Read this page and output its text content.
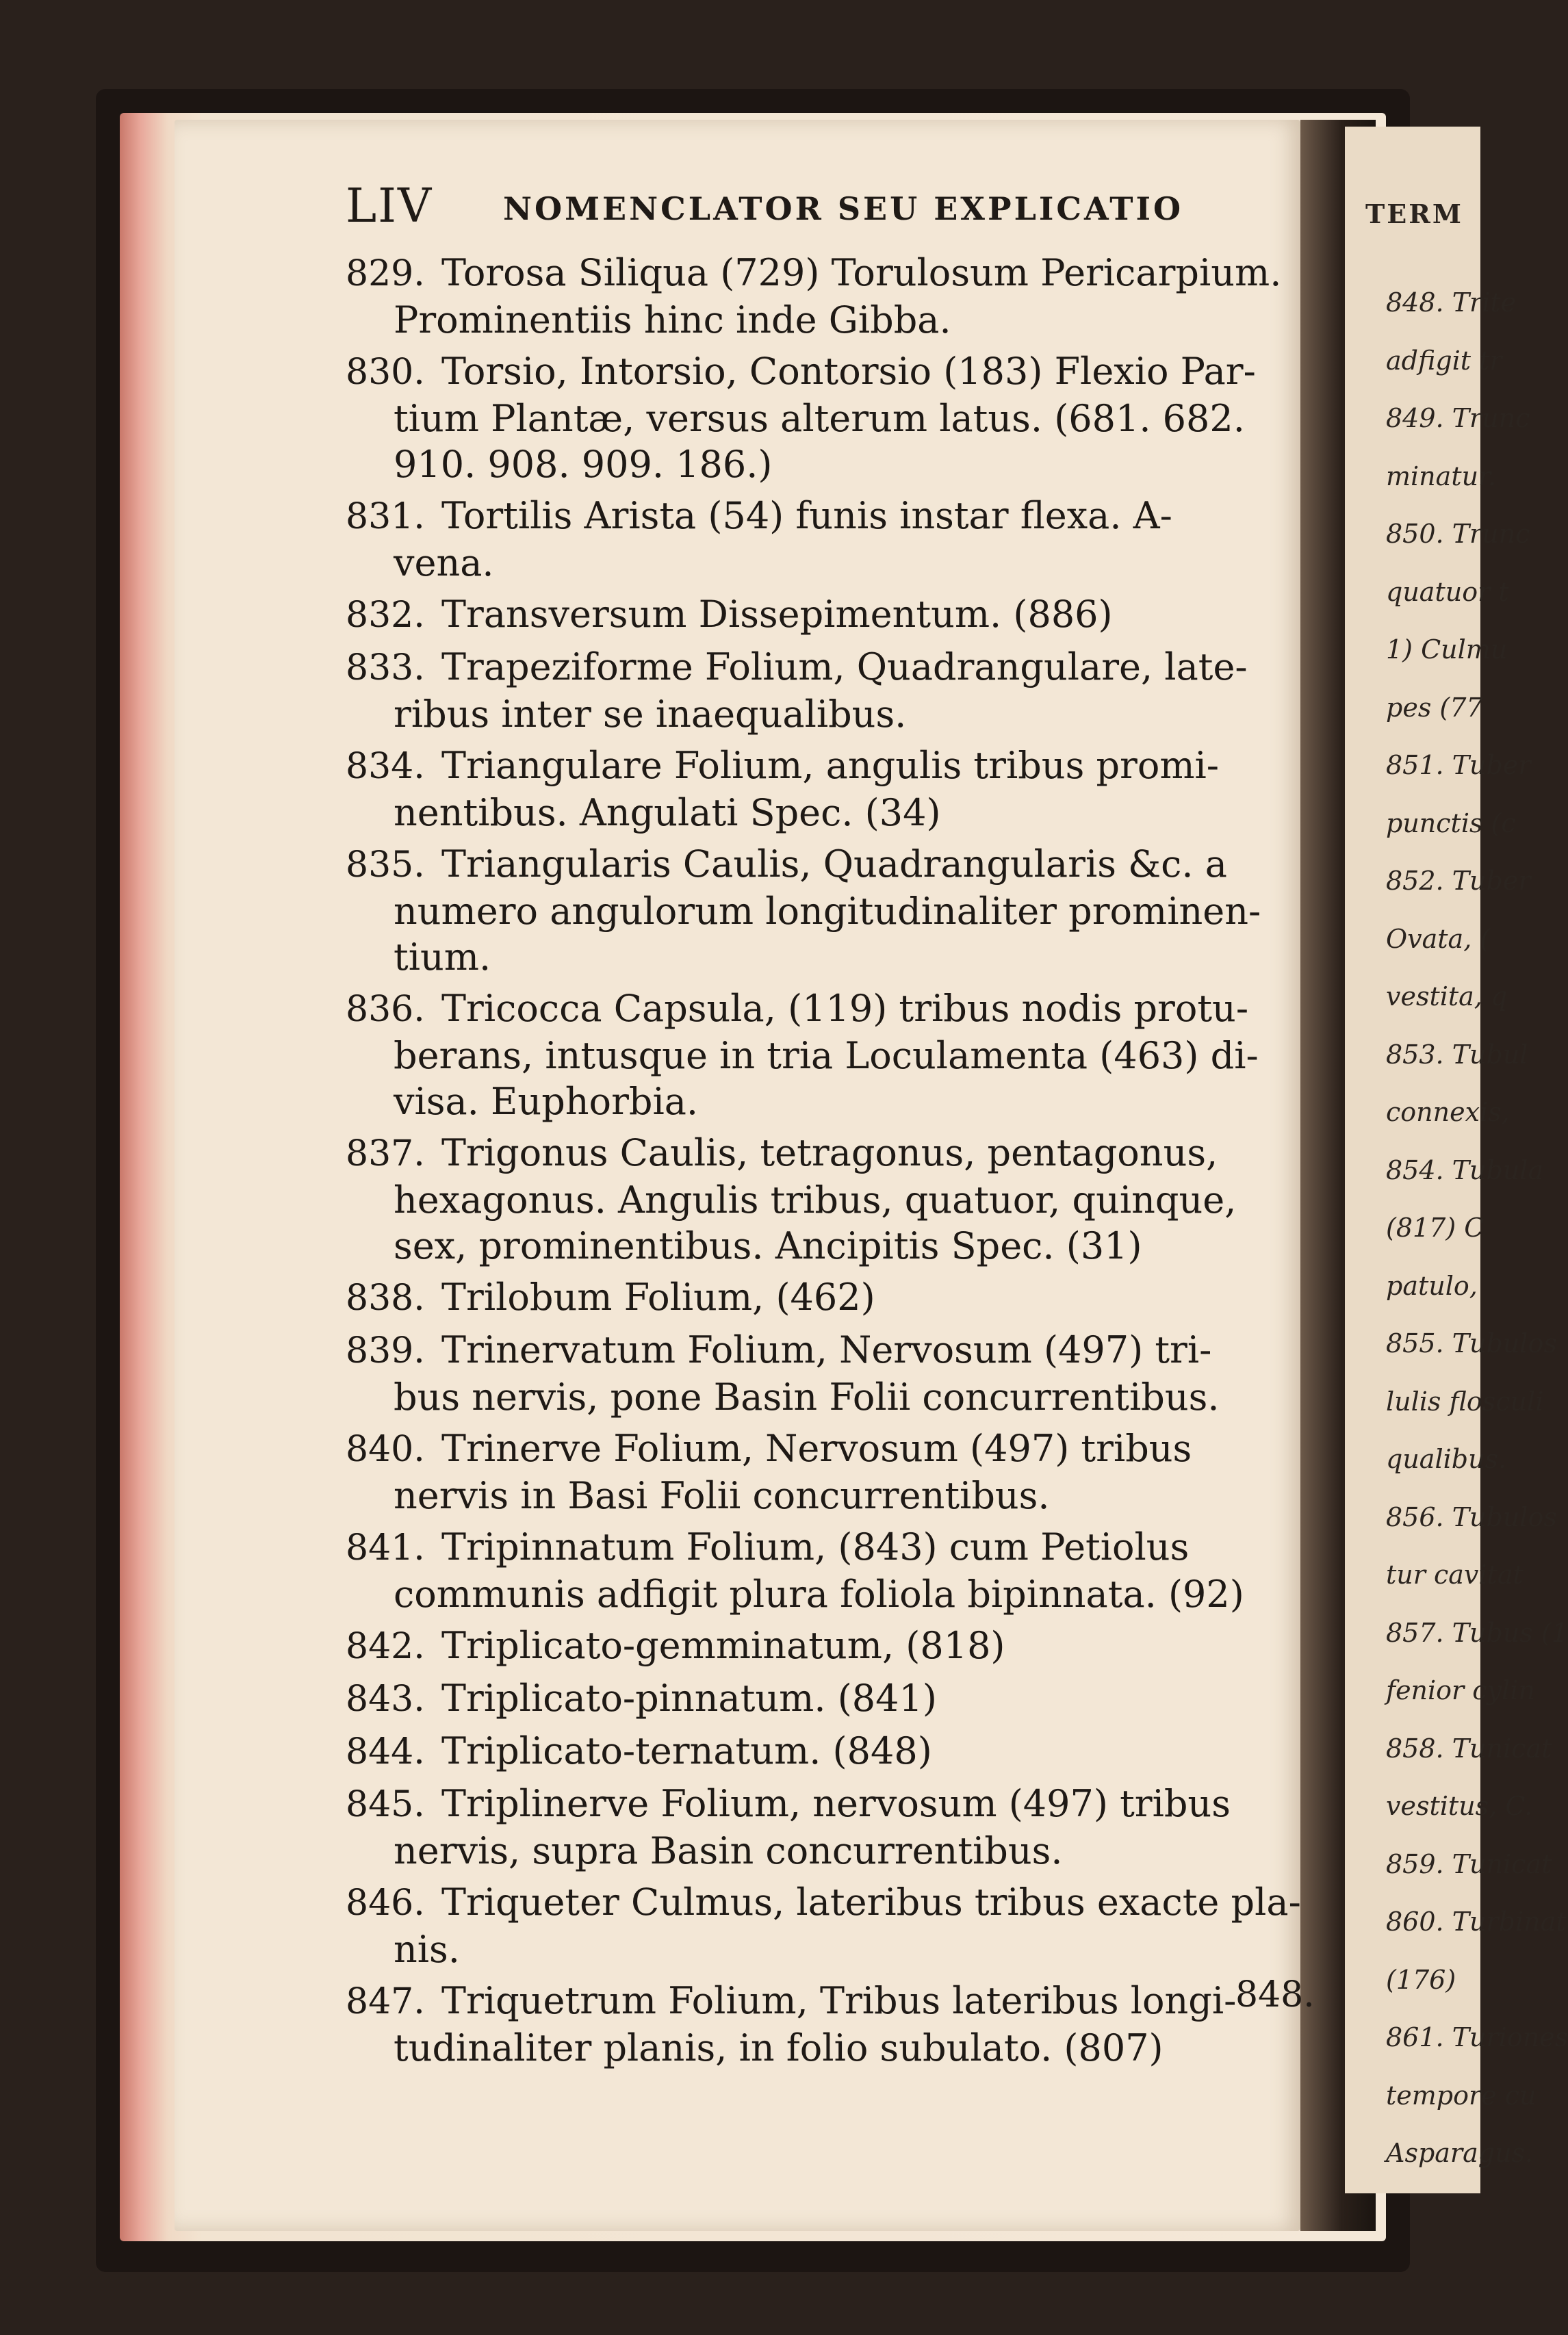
TERM
848. Trite
adfigit tr
849. Trunc
minatur.
850. Trunc
quatuor t
1) Culmu
pes (77
851. Tuber
punctis (c
852. Tuber
Ovata, (
vestita, q
853. Tubul
connexis,
854. Tubula
(817) C
patulo,
855. Tubulos
lulis flosculi
qualibus.
856. Tubulos
tur cavitat
857. Tubus (1
fenior cylin
858. Tunicat
vestitus, C.
859. Tunicat
860. Turbinat
(176)
861. Turiones
tempore cu
Asparagus.
LIV NOMENCLATOR SEU EXPLICATIO
829. Torosa Siliqua (729) Torulosum Pericarpium.

Prominentiis hinc inde Gibba.
830. Torsio, Intorsio, Contorsio (183) Flexio Par-

tium Plantæ, versus alterum latus. (681. 682.
910. 908. 909. 186.)
831. Tortilis Arista (54) funis instar flexa. A-

vena.
832. Transversum Dissepimentum. (886)

833. Trapeziforme Folium, Quadrangulare, late-

ribus inter se inaequalibus.
834. Triangulare Folium, angulis tribus promi-

nentibus. Angulati Spec. (34)
835. Triangularis Caulis, Quadrangularis &c. a

numero angulorum longitudinaliter prominen-
tium.
836. Tricocca Capsula, (119) tribus nodis protu-

berans, intusque in tria Loculamenta (463) di-
visa. Euphorbia.
837. Trigonus Caulis, tetragonus, pentagonus,

hexagonus. Angulis tribus, quatuor, quinque,
sex, prominentibus. Ancipitis Spec. (31)
838. Trilobum Folium, (462)

839. Trinervatum Folium, Nervosum (497) tri-

bus nervis, pone Basin Folii concurrentibus.
840. Trinerve Folium, Nervosum (497) tribus

nervis in Basi Folii concurrentibus.
841. Tripinnatum Folium, (843) cum Petiolus

communis adfigit plura foliola bipinnata. (92)
842. Triplicato-gemminatum, (818)

843. Triplicato-pinnatum. (841)

844. Triplicato-ternatum. (848)

845. Triplinerve Folium, nervosum (497) tribus

nervis, supra Basin concurrentibus.
846. Triqueter Culmus, lateribus tribus exacte pla-

nis.
847. Triquetrum Folium, Tribus lateribus longi-

tudinaliter planis, in folio subulato. (807)
848.
